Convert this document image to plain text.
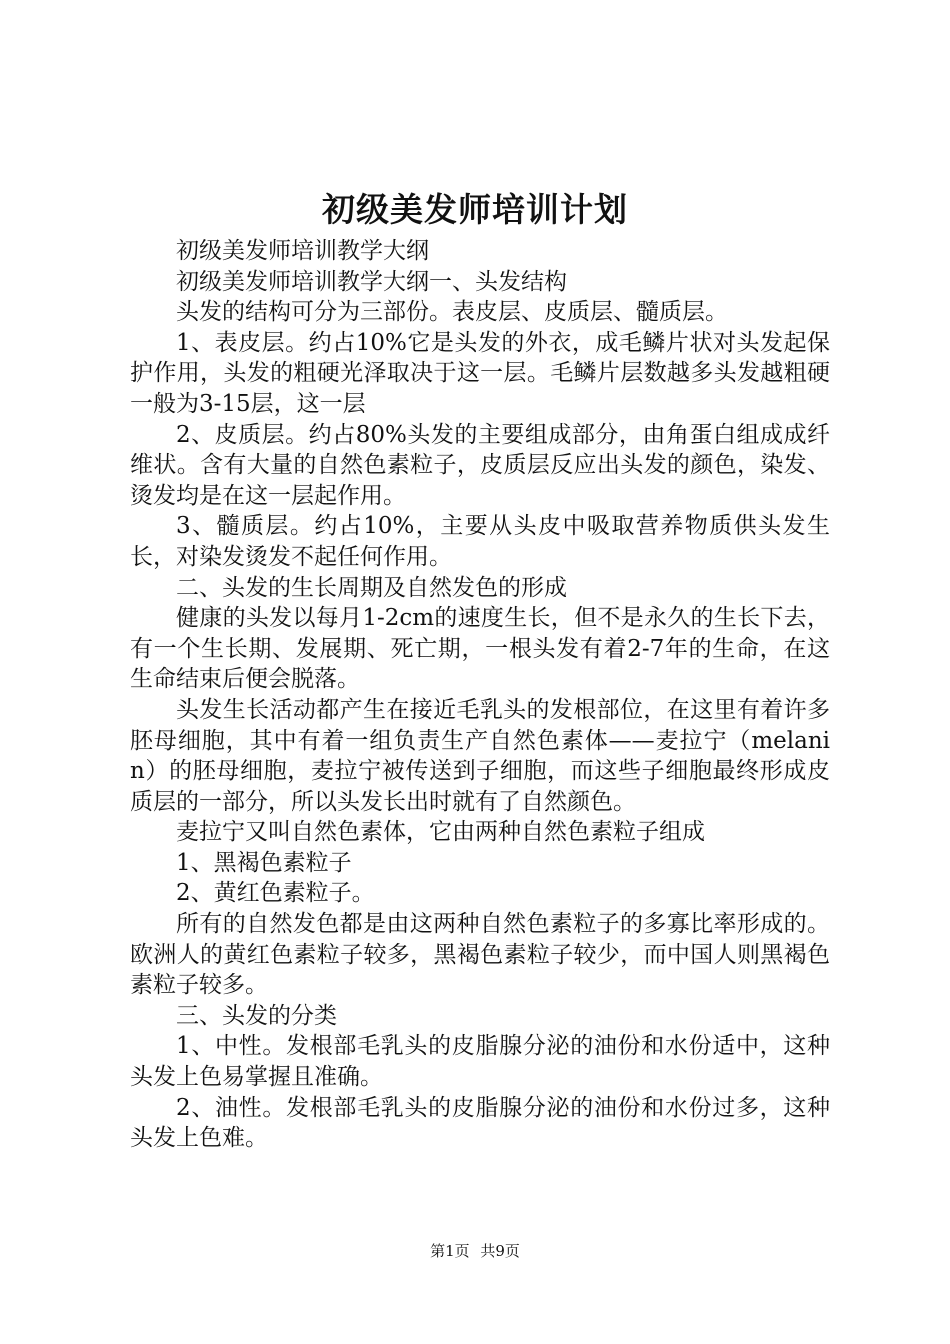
初级美发师培训计划

初级美发师培训教学大纲

初级美发师培训教学大纲一、头发结构

头发的结构可分为三部份。表皮层、皮质层、髓质层。

1、表皮层。约占10%它是头发的外衣，成毛鳞片状对头发起保护作用，头发的粗硬光泽取决于这一层。毛鳞片层数越多头发越粗硬一般为3-15层，这一层

2、皮质层。约占80%头发的主要组成部分，由角蛋白组成成纤维状。含有大量的自然色素粒子，皮质层反应出头发的颜色，染发、烫发均是在这一层起作用。

3、髓质层。约占10%，主要从头皮中吸取营养物质供头发生长，对染发烫发不起任何作用。

二、头发的生长周期及自然发色的形成

健康的头发以每月1-2cm的速度生长，但不是永久的生长下去，有一个生长期、发展期、死亡期，一根头发有着2-7年的生命，在这生命结束后便会脱落。

头发生长活动都产生在接近毛乳头的发根部位，在这里有着许多胚母细胞，其中有着一组负责生产自然色素体——麦拉宁（melanin）的胚母细胞，麦拉宁被传送到子细胞，而这些子细胞最终形成皮质层的一部分，所以头发长出时就有了自然颜色。

麦拉宁又叫自然色素体，它由两种自然色素粒子组成

1、黑褐色素粒子

2、黄红色素粒子。

所有的自然发色都是由这两种自然色素粒子的多寡比率形成的。欧洲人的黄红色素粒子较多，黑褐色素粒子较少，而中国人则黑褐色素粒子较多。

三、头发的分类

1、中性。发根部毛乳头的皮脂腺分泌的油份和水份适中，这种头发上色易掌握且准确。

2、油性。发根部毛乳头的皮脂腺分泌的油份和水份过多，这种头发上色难。

第1页 共9页
